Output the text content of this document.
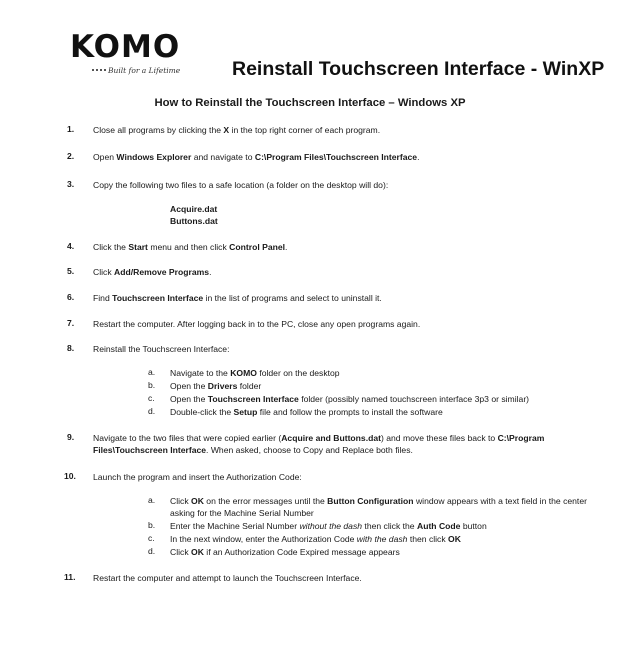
KOMO
Built for a Lifetime	Reinstall Touchscreen Interface - WinXP
How to Reinstall the Touchscreen Interface – Windows XP
1. Close all programs by clicking the X in the top right corner of each program.
2. Open Windows Explorer and navigate to C:\Program Files\Touchscreen Interface.
3. Copy the following two files to a safe location (a folder on the desktop will do):
Acquire.dat
Buttons.dat
4. Click the Start menu and then click Control Panel.
5. Click Add/Remove Programs.
6. Find Touchscreen Interface in the list of programs and select to uninstall it.
7. Restart the computer. After logging back in to the PC, close any open programs again.
8. Reinstall the Touchscreen Interface:
a. Navigate to the KOMO folder on the desktop
b. Open the Drivers folder
c. Open the Touchscreen Interface folder (possibly named touchscreen interface 3p3 or similar)
d. Double-click the Setup file and follow the prompts to install the software
9. Navigate to the two files that were copied earlier (Acquire and Buttons.dat) and move these files back to C:\Program Files\Touchscreen Interface. When asked, choose to Copy and Replace both files.
10. Launch the program and insert the Authorization Code:
a. Click OK on the error messages until the Button Configuration window appears with a text field in the center asking for the Machine Serial Number
b. Enter the Machine Serial Number without the dash then click the Auth Code button
c. In the next window, enter the Authorization Code with the dash then click OK
d. Click OK if an Authorization Code Expired message appears
11. Restart the computer and attempt to launch the Touchscreen Interface.
